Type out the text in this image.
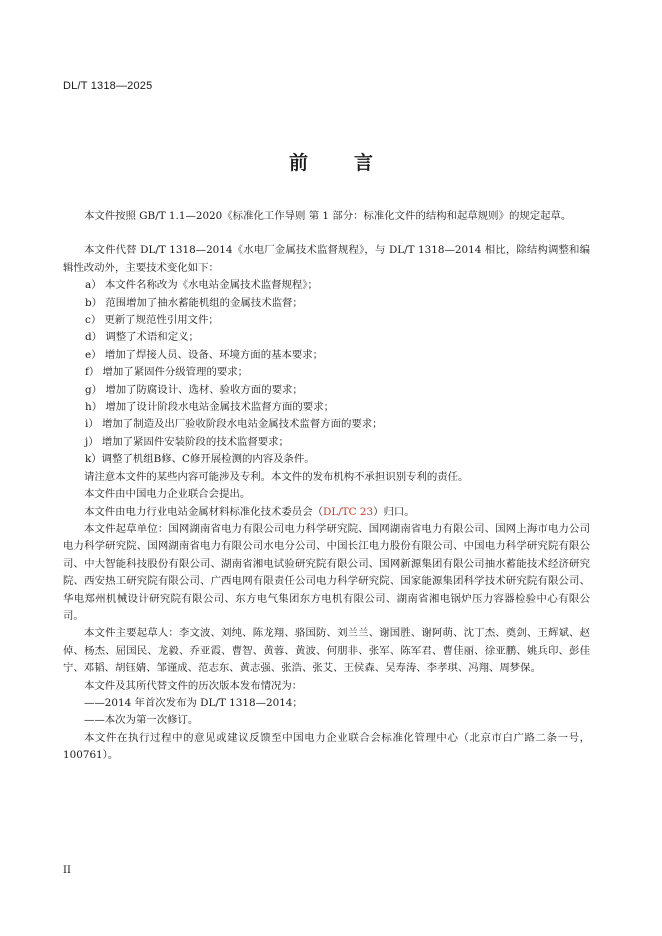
DL/T 1318—2025
前 言

本文件按照 GB/T 1.1—2020《标准化工作导则 第 1 部分：标准化文件的结构和起草规则》的规定起草。

本文件代替 DL/T 1318—2014《水电厂金属技术监督规程》，与 DL/T 1318—2014 相比，除结构调整和编辑性改动外，主要技术变化如下：

a） 本文件名称改为《水电站金属技术监督规程》；

b） 范围增加了抽水蓄能机组的金属技术监督；

c） 更新了规范性引用文件；

d） 调整了术语和定义；

e） 增加了焊接人员、设备、环境方面的基本要求；

f） 增加了紧固件分级管理的要求；

g） 增加了防腐设计、选材、验收方面的要求；

h） 增加了设计阶段水电站金属技术监督方面的要求；

i） 增加了制造及出厂验收阶段水电站金属技术监督方面的要求；

j） 增加了紧固件安装阶段的技术监督要求；

k）调整了机组B修、C修开展检测的内容及条件。

请注意本文件的某些内容可能涉及专利。本文件的发布机构不承担识别专利的责任。

本文件由中国电力企业联合会提出。

本文件由电力行业电站金属材料标准化技术委员会（DL/TC 23）归口。

本文件起草单位：国网湖南省电力有限公司电力科学研究院、国网湖南省电力有限公司、国网上海市电力公司电力科学研究院、国网湖南省电力有限公司水电分公司、中国长江电力股份有限公司、中国电力科学研究院有限公司、中大智能科技股份有限公司、湖南省湘电试验研究院有限公司、国网新源集团有限公司抽水蓄能技术经济研究院、西安热工研究院有限公司、广西电网有限责任公司电力科学研究院、国家能源集团科学技术研究院有限公司、华电郑州机械设计研究院有限公司、东方电气集团东方电机有限公司、湖南省湘电锅炉压力容器检验中心有限公司。

本文件主要起草人：李文波、刘纯、陈龙翔、骆国防、刘兰兰、谢国胜、谢阿萌、沈丁杰、奠剑、王辉斌、赵倬、杨杰、屈国民、龙毅、乔亚霞、曹智、黄蓉、黄波、何朋非、张军、陈军君、曹佳丽、徐亚鹏、姚兵印、彭佳宁、邓韬、胡钰婧、邹谨成、范志东、黄志强、张浩、张艾、王侯森、吴寿涛、李孝琪、冯翔、周梦保。

本文件及其所代替文件的历次版本发布情况为：

——2014 年首次发布为 DL/T 1318—2014；

——本次为第一次修订。

本文件在执行过程中的意见或建议反馈至中国电力企业联合会标准化管理中心（北京市白广路二条一号，100761）。

II
